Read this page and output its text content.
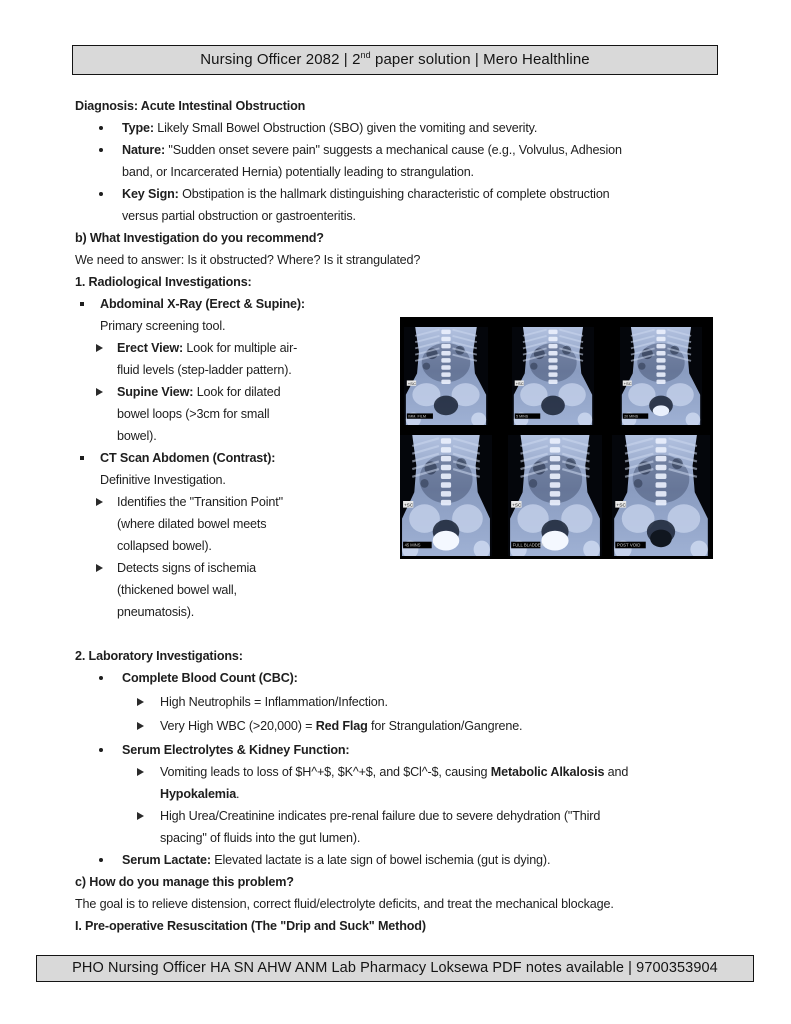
Nursing Officer 2082 | 2nd paper solution | Mero Healthline
Diagnosis: Acute Intestinal Obstruction
Type: Likely Small Bowel Obstruction (SBO) given the vomiting and severity.
Nature: "Sudden onset severe pain" suggests a mechanical cause (e.g., Volvulus, Adhesion
band, or Incarcerated Hernia) potentially leading to strangulation.
Key Sign: Obstipation is the hallmark distinguishing characteristic of complete obstruction
versus partial obstruction or gastroenteritis.
b) What Investigation do you recommend?
We need to answer: Is it obstructed? Where? Is it strangulated?
1. Radiological Investigations:
Abdominal X-Ray (Erect & Supine):
Primary screening tool.
Erect View: Look for multiple air-
fluid levels (step-ladder pattern).
Supine View: Look for dilated
bowel loops (>3cm for small
bowel).
CT Scan Abdomen (Contrast):
Definitive Investigation.
Identifies the "Transition Point"
(where dilated bowel meets
collapsed bowel).
Detects signs of ischemia
(thickened bowel wall,
pneumatosis).
2. Laboratory Investigations:
Complete Blood Count (CBC):
High Neutrophils = Inflammation/Infection.
Very High WBC (>20,000) = Red Flag for Strangulation/Gangrene.
Serum Electrolytes & Kidney Function:
Vomiting leads to loss of $H^+$, $K^+$, and $Cl^-$, causing Metabolic Alkalosis and
Hypokalemia.
High Urea/Creatinine indicates pre-renal failure due to severe dehydration ("Third
spacing" of fluids into the gut lumen).
Serum Lactate: Elevated lactate is a late sign of bowel ischemia (gut is dying).
c) How do you manage this problem?
The goal is to relieve distension, correct fluid/electrolyte deficits, and treat the mechanical blockage.
I. Pre-operative Resuscitation (The "Drip and Suck" Method)
+SC
IMM. FILM
+SC
5 MINS
+SC
20 MINS
+SC
45 MINS
+SC
FULL BLADDER
+SC
POST VOID
PHO Nursing Officer HA SN AHW ANM Lab Pharmacy Loksewa PDF notes available | 9700353904
